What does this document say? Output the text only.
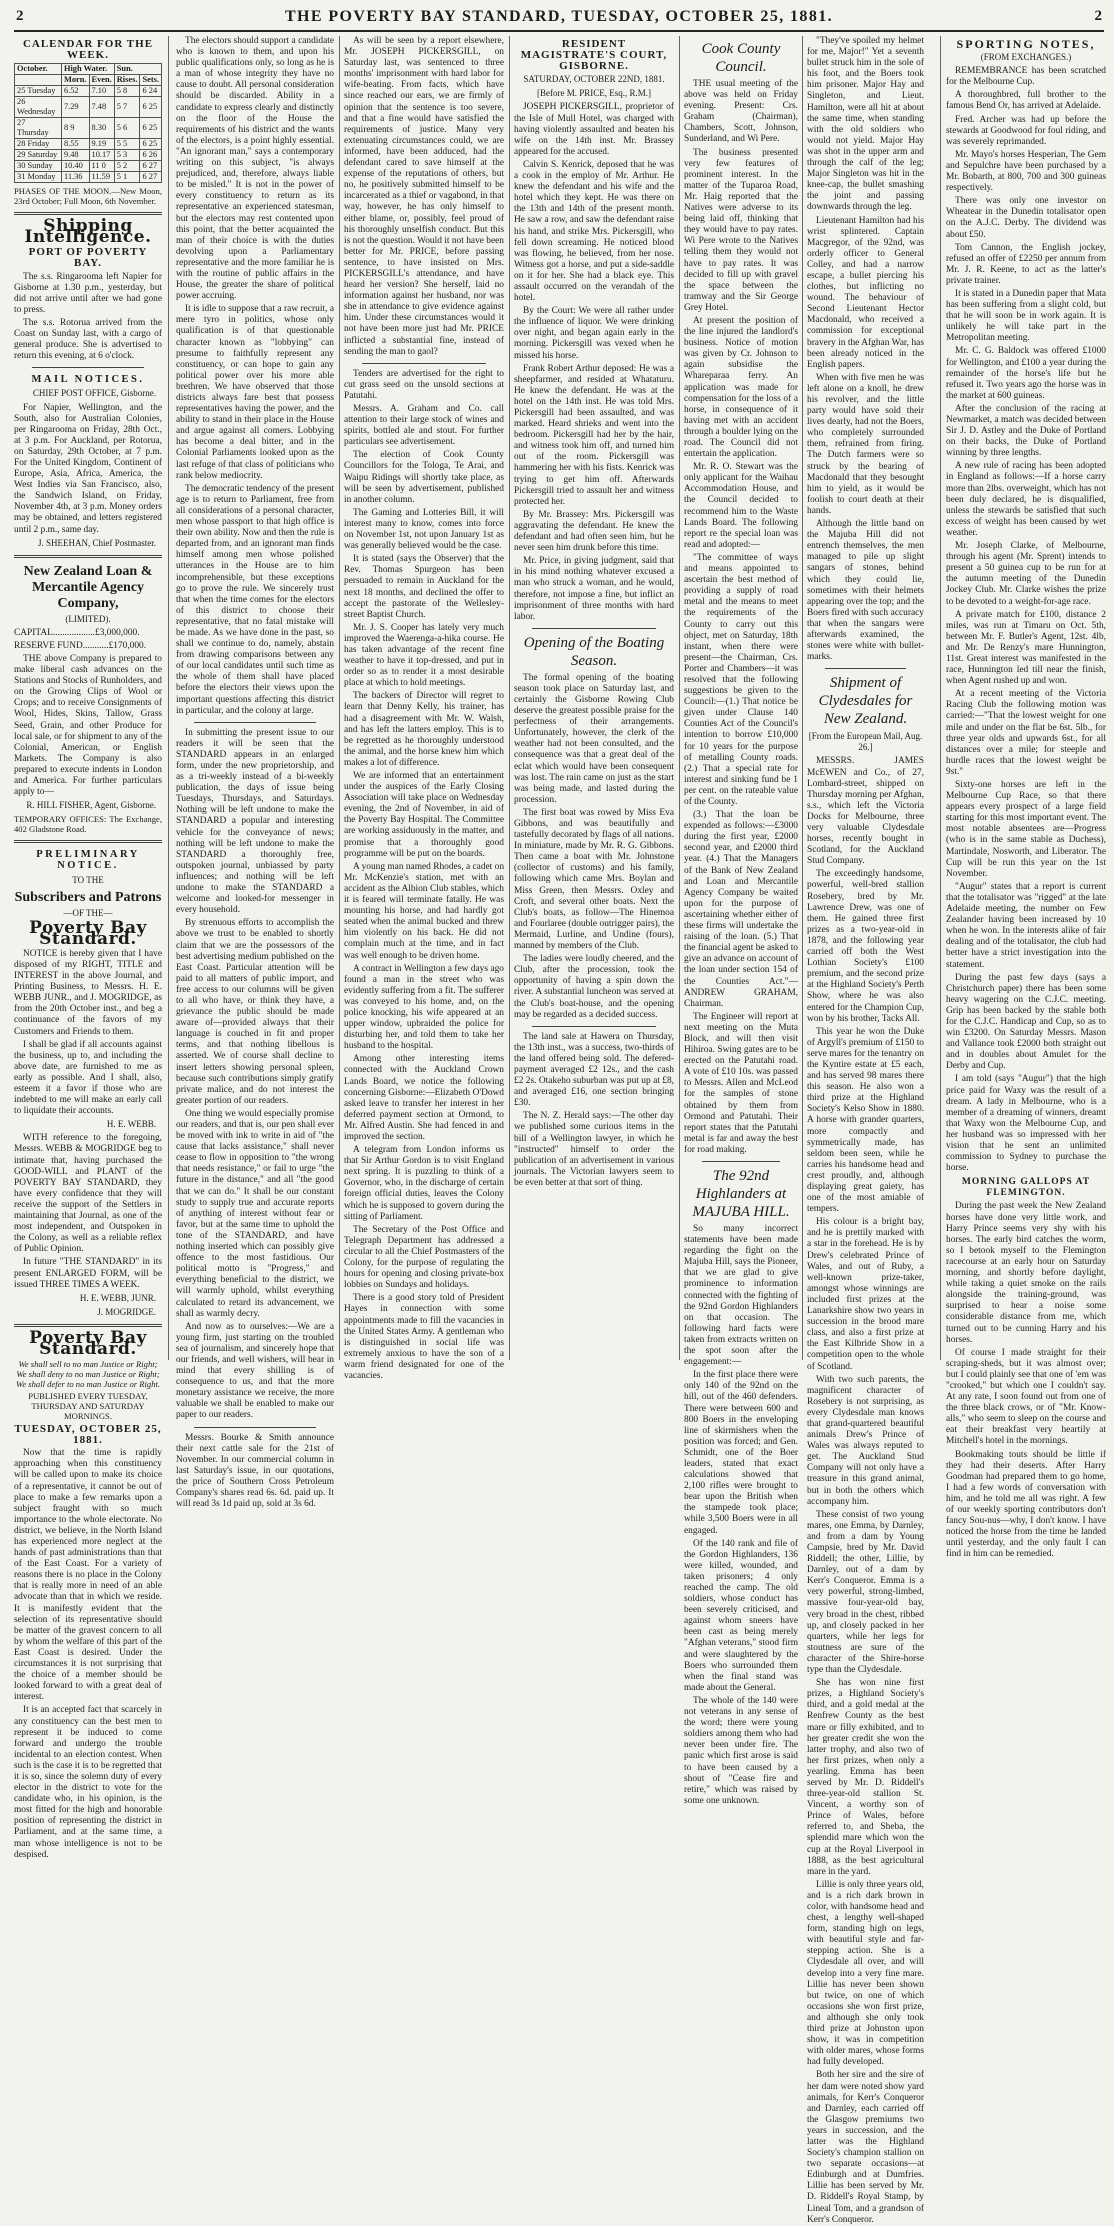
2	THE POVERTY BAY STANDARD, TUESDAY, OCTOBER 25, 1881.	2
CALENDAR FOR THE WEEK.
October.	High Water.		Sun.	
	Morn.	Even.	Rises.	Sets.
25 Tuesday	6.52	7.10	5 8	6 24
26 Wednesday	7.29	7.48	5 7	6 25
27 Thursday	8 9	8.30	5 6	6 25
28 Friday	8.55	9.19	5 5	6 25
29 Saturday	9.48	10.17	5 3	6 26
30 Sunday	10.40	11 0	5 2	6 27
31 Monday	11.36	11.59	5 1	6 27

PHASES OF THE MOON.—New Moon, 23rd October; Full Moon, 6th November.

Shipping Intelligence.
PORT OF POVERTY BAY.

The s.s. Ringarooma left Napier for Gisborne at 1.30 p.m., yesterday, but did not arrive until after we had gone to press.

The s.s. Rotorua arrived from the Coast on Sunday last, with a cargo of general produce. She is advertised to return this evening, at 6 o'clock.

MAIL NOTICES.
CHIEF POST OFFICE, Gisborne.

For Napier, Wellington, and the South, also for Australian Colonies, per Ringarooma on Friday, 28th Oct., at 3 p.m. For Auckland, per Rotorua, on Saturday, 29th October, at 7 p.m. For the United Kingdom, Continent of Europe, Asia, Africa, America, the West Indies via San Francisco, also, the Sandwich Island, on Friday, November 4th, at 3 p.m. Money orders may be obtained, and letters registered until 2 p.m., same day.

J. SHEEHAN, Chief Postmaster.
New Zealand Loan & Mercantile Agency Company,
(LIMITED).

CAPITAL..................£3,000,000.

RESERVE FUND...........£170,000.

THE above Company is prepared to make liberal cash advances on the Stations and Stocks of Runholders, and on the Growing Clips of Wool or Crops; and to receive Consignments of Wool, Hides, Skins, Tallow, Grass Seed, Grain, and other Produce for local sale, or for shipment to any of the Colonial, American, or English Markets. The Company is also prepared to execute indents in London and America. For further particulars apply to—

R. HILL FISHER, Agent, Gisborne.

TEMPORARY OFFICES: The Exchange, 402 Gladstone Road.

PRELIMINARY NOTICE.
TO THE
Subscribers and Patrons
—OF THE—
Poverty Bay Standard.

NOTICE is hereby given that I have disposed of my RIGHT, TITLE and INTEREST in the above Journal, and Printing Business, to Messrs. H. E. WEBB JUNR., and J. MOGRIDGE, as from the 20th October inst., and beg a continuance of the favors of my Customers and Friends to them.

I shall be glad if all accounts against the business, up to, and including the above date, are furnished to me as early as possible. And I shall, also, esteem it a favor if those who are indebted to me will make an early call to liquidate their accounts.

H. E. WEBB.

WITH reference to the foregoing, Messrs. WEBB & MOGRIDGE beg to intimate that, having purchased the GOOD-WILL and PLANT of the POVERTY BAY STANDARD, they have every confidence that they will receive the support of the Settlers in maintaining that Journal, as one of the most independent, and Outspoken in the Colony, as well as a reliable reflex of Public Opinion.

In future "THE STANDARD" in its present ENLARGED FORM, will be issued THREE TIMES A WEEK.

H. E. WEBB, JUNR.
J. MOGRIDGE.
Poverty Bay Standard.

We shall sell to no man Justice or Right; We shall deny to no man Justice or Right; We shall defer to no man Justice or Right.

PUBLISHED EVERY TUESDAY, THURSDAY AND SATURDAY MORNINGS.

TUESDAY, OCTOBER 25, 1881.

Now that the time is rapidly approaching when this constituency will be called upon to make its choice of a representative, it cannot be out of place to make a few remarks upon a subject fraught with so much importance to the whole electorate. No district, we believe, in the North Island has experienced more neglect at the hands of past administrations than that of the East Coast. For a variety of reasons there is no place in the Colony that is really more in need of an able advocate than that in which we reside. It is manifestly evident that the selection of its representative should be matter of the gravest concern to all by whom the welfare of this part of the East Coast is desired. Under the circumstances it is not surprising that the choice of a member should be looked forward to with a great deal of interest.

It is an accepted fact that scarcely in any constituency can the best men to represent it be induced to come forward and undergo the trouble incidental to an election contest. When such is the case it is to be regretted that it is so, since the solemn duty of every elector in the district to vote for the candidate who, in his opinion, is the most fitted for the high and honorable position of representing the district in Parliament, and at the same time, a man whose intelligence is not to be despised.

The electors should support a candidate who is known to them, and upon his public qualifications only, so long as he is a man of whose integrity they have no cause to doubt. All personal consideration should be discarded. Ability in a candidate to express clearly and distinctly on the floor of the House the requirements of his district and the wants of the electors, is a point highly essential. "An ignorant man," says a contemporary writing on this subject, "is always prejudiced, and, therefore, always liable to be misled." It is not in the power of every constituency to return as its representative an experienced statesman, but the electors may rest contented upon this point, that the better acquainted the man of their choice is with the duties devolving upon a Parliamentary representative and the more familiar he is with the routine of public affairs in the House, the greater the share of political power accruing.

It is idle to suppose that a raw recruit, a mere tyro in politics, whose only qualification is of that questionable character known as "lobbying" can presume to faithfully represent any constituency, or can hope to gain any political power over his more able brethren. We have observed that those districts always fare best that possess representatives having the power, and the ability to stand in their place in the House and argue against all comers. Lobbying has become a deal bitter, and in the Colonial Parliaments looked upon as the last refuge of that class of politicians who rank below mediocrity.

The democratic tendency of the present age is to return to Parliament, free from all considerations of a personal character, men whose passport to that high office is their own ability. Now and then the rule is departed from, and an ignorant man finds himself among men whose polished utterances in the House are to him incomprehensible, but these exceptions go to prove the rule. We sincerely trust that when the time comes for the electors of this district to choose their representative, that no fatal mistake will be made. As we have done in the past, so shall we continue to do, namely, abstain from drawing comparisons between any of our local candidates until such time as the whole of them shall have placed before the electors their views upon the important questions affecting this district in particular, and the colony at large.

In submitting the present issue to our readers it will be seen that the STANDARD appears in an enlarged form, under the new proprietorship, and as a tri-weekly instead of a bi-weekly publication, the days of issue being Tuesdays, Thursdays, and Saturdays. Nothing will be left undone to make the STANDARD a popular and interesting vehicle for the conveyance of news; nothing will be left undone to make the STANDARD a thoroughly free, outspoken journal, unbiassed by party influences; and nothing will be left undone to make the STANDARD a welcome and looked-for messenger in every household.

By strenuous efforts to accomplish the above we trust to be enabled to shortly claim that we are the possessors of the best advertising medium published on the East Coast. Particular attention will be paid to all matters of public import, and free access to our columns will be given to all who have, or think they have, a grievance the public should be made aware of—provided always that their language is couched in fit and proper terms, and that nothing libellous is asserted. We of course shall decline to insert letters showing personal spleen, because such contributions simply gratify private malice, and do not interest the greater portion of our readers.

One thing we would especially promise our readers, and that is, our pen shall ever be moved with ink to write in aid of "the cause that lacks assistance," shall never cease to flow in opposition to "the wrong that needs resistance," or fail to urge "the future in the distance," and all "the good that we can do." It shall be our constant study to supply true and accurate reports of anything of interest without fear or favor, but at the same time to uphold the tone of the STANDARD, and have nothing inserted which can possibly give offence to the most fastidious. Our political motto is "Progress," and everything beneficial to the district, we will warmly uphold, whilst everything calculated to retard its advancement, we shall as warmly decry.

And now as to ourselves:—We are a young firm, just starting on the troubled sea of journalism, and sincerely hope that our friends, and well wishers, will bear in mind that every shilling is of consequence to us, and that the more monetary assistance we receive, the more valuable we shall be enabled to make our paper to our readers.

Messrs. Bourke & Smith announce their next cattle sale for the 21st of November. In our commercial column in last Saturday's issue, in our quotations, the price of Southern Cross Petroleum Company's shares read 6s. 6d. paid up. It will read 3s 1d paid up, sold at 3s 6d.

As will be seen by a report elsewhere, Mr. JOSEPH PICKERSGILL, on Saturday last, was sentenced to three months' imprisonment with hard labor for wife-beating. From facts, which have since reached our ears, we are firmly of opinion that the sentence is too severe, and that a fine would have satisfied the requirements of justice. Many very extenuating circumstances could, we are informed, have been adduced, had the defendant cared to save himself at the expense of the reputations of others, but no, he positively submitted himself to be incarcerated as a thief or vagabond, in that way, however, he has only himself to either blame, or, possibly, feel proud of his thoroughly unselfish conduct. But this is not the question. Would it not have been better for Mr. PRICE, before passing sentence, to have insisted on Mrs. PICKERSGILL's attendance, and have heard her version? She herself, laid no information against her husband, nor was she in attendance to give evidence against him. Under these circumstances would it not have been more just had Mr. PRICE inflicted a substantial fine, instead of sending the man to gaol?

Tenders are advertised for the right to cut grass seed on the unsold sections at Patutahi.

Messrs. A. Graham and Co. call attention to their large stock of wines and spirits, bottled ale and stout. For further particulars see advertisement.

The election of Cook County Councillors for the Tologa, Te Arai, and Waipu Ridings will shortly take place, as will be seen by advertisement, published in another column.

The Gaming and Lotteries Bill, it will interest many to know, comes into force on November 1st, not upon January 1st as was generally believed would be the case.

It is stated (says the Observer) that the Rev. Thomas Spurgeon has been persuaded to remain in Auckland for the next 18 months, and declined the offer to accept the pastorate of the Wellesley-street Baptist Church.

Mr. J. S. Cooper has lately very much improved the Waerenga-a-hika course. He has taken advantage of the recent fine weather to have it top-dressed, and put in order so as to render it a most desirable place at which to hold meetings.

The backers of Director will regret to learn that Denny Kelly, his trainer, has had a disagreement with Mr. W. Walsh, and has left the latters employ. This is to be regretted as he thoroughly understood the animal, and the horse knew him which makes a lot of difference.

We are informed that an entertainment under the auspices of the Early Closing Association will take place on Wednesday evening, the 2nd of November, in aid of the Poverty Bay Hospital. The Committee are working assiduously in the matter, and promise that a thoroughly good programme will be put on the boards.

A young man named Rhodes, a cadet on Mr. McKenzie's station, met with an accident as the Albion Club stables, which it is feared will terminate fatally. He was mounting his horse, and had hardly got seated when the animal bucked and threw him violently on his back. He did not complain much at the time, and in fact was well enough to be driven home.

A contract in Wellington a few days ago found a man in the street who was evidently suffering from a fit. The sufferer was conveyed to his home, and, on the police knocking, his wife appeared at an upper window, upbraided the police for disturbing her, and told them to take her husband to the hospital.

Among other interesting items connected with the Auckland Crown Lands Board, we notice the following concerning Gisborne:—Elizabeth O'Dowd asked leave to transfer her interest in her deferred payment section at Ormond, to Mr. Alfred Austin. She had fenced in and improved the section.

A telegram from London informs us that Sir Arthur Gordon is to visit England next spring. It is puzzling to think of a Governor, who, in the discharge of certain foreign official duties, leaves the Colony which he is supposed to govern during the sitting of Parliament.

The Secretary of the Post Office and Telegraph Department has addressed a circular to all the Chief Postmasters of the Colony, for the purpose of regulating the hours for opening and closing private-box lobbies on Sundays and holidays.

There is a good story told of President Hayes in connection with some appointments made to fill the vacancies in the United States Army. A gentleman who is distinguished in social life was extremely anxious to have the son of a warm friend designated for one of the vacancies.

RESIDENT MAGISTRATE'S COURT, GISBORNE.
SATURDAY, OCTOBER 22ND, 1881.
[Before M. PRICE, Esq., R.M.]

JOSEPH PICKERSGILL, proprietor of the Isle of Mull Hotel, was charged with having violently assaulted and beaten his wife on the 14th inst. Mr. Brassey appeared for the accused.

Calvin S. Kenrick, deposed that he was a cook in the employ of Mr. Arthur. He knew the defendant and his wife and the hotel which they kept. He was there on the 13th and 14th of the present month. He saw a row, and saw the defendant raise his hand, and strike Mrs. Pickersgill, who fell down screaming. He noticed blood was flowing, he believed, from her nose. Witness got a horse, and put a side-saddle on it for her. She had a black eye. This assault occurred on the verandah of the hotel.

By the Court: We were all rather under the influence of liquor. We were drinking over night, and began again early in the morning. Pickersgill was vexed when he missed his horse.

Frank Robert Arthur deposed: He was a sheepfarmer, and resided at Whataturu. He knew the defendant. He was at the hotel on the 14th inst. He was told Mrs. Pickersgill had been assaulted, and was marked. Heard shrieks and went into the bedroom. Pickersgill had her by the hair, and witness took him off, and turned him out of the room. Pickersgill was hammering her with his fists. Kenrick was trying to get him off. Afterwards Pickersgill tried to assault her and witness protected her.

By Mr. Brassey: Mrs. Pickersgill was aggravating the defendant. He knew the defendant and had often seen him, but he never seen him drunk before this time.

Mr. Price, in giving judgment, said that in his mind nothing whatever excused a man who struck a woman, and he would, therefore, not impose a fine, but inflict an imprisonment of three months with hard labor.

Opening of the Boating Season.

The formal opening of the boating season took place on Saturday last, and certainly the Gisborne Rowing Club deserve the greatest possible praise for the perfectness of their arrangements. Unfortunately, however, the clerk of the weather had not been consulted, and the consequence was that a great deal of the eclat which would have been consequent was lost. The rain came on just as the start was being made, and lasted during the procession.

The first boat was rowed by Miss Eva Gibbons, and was beautifully and tastefully decorated by flags of all nations. In miniature, made by Mr. R. G. Gibbons. Then came a boat with Mr. Johnstone (collector of customs) and his family, following which came Mrs. Boylan and Miss Green, then Messrs. Oxley and Croft, and several other boats. Next the Club's boats, as follow—The Hinemoa and Fourlaree (double outrigger pairs), the Mermaid, Lurline, and Undine (fours), manned by members of the Club.

The ladies were loudly cheered, and the Club, after the procession, took the opportunity of having a spin down the river. A substantial luncheon was served at the Club's boat-house, and the opening may be regarded as a decided success.

The land sale at Hawera on Thursday, the 13th inst., was a success, two-thirds of the land offered being sold. The defered-payment averaged £2 12s., and the cash £2 2s. Otakeho suburban was put up at £8, and averaged £16, one section bringing £30.

The N. Z. Herald says:—The other day we published some curious items in the bill of a Wellington lawyer, in which he "instructed" himself to order the publication of an advertisement in various journals. The Victorian lawyers seem to be even better at that sort of thing.

Cook County Council.

THE usual meeting of the above was held on Friday evening. Present: Crs. Graham (Chairman), Chambers, Scott, Johnson, Sunderland, and Wi Pere.

The business presented very few features of prominent interest. In the matter of the Tuparoa Road, Mr. Haig reported that the Natives were adverse to its being laid off, thinking that they would have to pay rates. Wi Pere wrote to the Natives telling them they would not have to pay rates. It was decided to fill up with gravel the space between the tramway and the Sir George Grey Hotel.

At present the position of the line injured the landlord's business. Notice of motion was given by Cr. Johnson to again subsidise the Whareparaa ferry. An application was made for compensation for the loss of a horse, in consequence of it having met with an accident through a boulder lying on the road. The Council did not entertain the application.

Mr. R. O. Stewart was the only applicant for the Waihau Accommodation House, and the Council decided to recommend him to the Waste Lands Board. The following report re the special loan was read and adopted:—

"The committee of ways and means appointed to ascertain the best method of providing a supply of road metal and the means to meet the requirements of the County to carry out this object, met on Saturday, 18th instant, when there were present—the Chairman, Crs. Porter and Chambers—it was resolved that the following suggestions be given to the Council:—(1.) That notice be given under Clause 140 Counties Act of the Council's intention to borrow £10,000 for 10 years for the purpose of metalling County roads. (2.) That a special rate for interest and sinking fund be 1 per cent. on the rateable value of the County.

(3.) That the loan be expended as follows:—£3000 during the first year, £2000 second year, and £2000 third year. (4.) That the Managers of the Bank of New Zealand and Loan and Mercantile Agency Company be waited upon for the purpose of ascertaining whether either of these firms will undertake the raising of the loan. (5.) That the financial agent be asked to give an advance on account of the loan under section 154 of the Counties Act."—ANDREW GRAHAM, Chairman.

The Engineer will report at next meeting on the Muta Block, and will then visit Hihiroa. Swing gates are to be erected on the Patutahi road. A vote of £10 10s. was passed to Messrs. Allen and McLeod for the samples of stone obtained by them from Ormond and Patutahi. Their report states that the Patutahi metal is far and away the best for road making.

The 92nd Highlanders at MAJUBA HILL.

So many incorrect statements have been made regarding the fight on the Majuba Hill, says the Pioneer, that we are glad to give prominence to information connected with the fighting of the 92nd Gordon Highlanders on that occasion. The following hard facts were taken from extracts written on the spot soon after the engagement:—

In the first place there were only 140 of the 92nd on the hill, out of the 460 defenders. There were between 600 and 800 Boers in the enveloping line of skirmishers when the position was forced; and Gen. Schmidt, one of the Boer leaders, stated that exact calculations showed that 2,100 rifles were brought to bear upon the British when the stampede took place; while 3,500 Boers were in all engaged.

Of the 140 rank and file of the Gordon Highlanders, 136 were killed, wounded, and taken prisoners; 4 only reached the camp. The old soldiers, whose conduct has been severely criticised, and against whom sneers have been cast as being merely "Afghan veterans," stood firm and were slaughtered by the Boers who surrounded them when the final stand was made about the General.

The whole of the 140 were not veterans in any sense of the word; there were young soldiers among them who had never been under fire. The panic which first arose is said to have been caused by a shout of "Cease fire and retire," which was raised by some one unknown.

"They've spoiled my helmet for me, Major!" Yet a seventh bullet struck him in the sole of his foot, and the Boers took him prisoner. Major Hay and Singleton, and Lieut. Hamilton, were all hit at about the same time, when standing with the old soldiers who would not yield. Major Hay was shot in the upper arm and through the calf of the leg; Major Singleton was hit in the knee-cap, the bullet smashing the joint and passing downwards through the leg.

Lieutenant Hamilton had his wrist splintered. Captain Macgregor, of the 92nd, was orderly officer to General Colley, and had a narrow escape, a bullet piercing his clothes, but inflicting no wound. The behaviour of Second Lieutenant Hector Macdonald, who received a commission for exceptional bravery in the Afghan War, has been already noticed in the English papers.

When with five men he was left alone on a knoll, he drew his revolver, and the little party would have sold their lives dearly, had not the Boers, who completely surrounded them, refrained from firing. The Dutch farmers were so struck by the bearing of Macdonald that they besought him to yield, as it would be foolish to court death at their hands.

Although the little band on the Majuba Hill did not entrench themselves, the men managed to pile up slight sangars of stones, behind which they could lie, sometimes with their helmets appearing over the top; and the Boers fired with such accuracy that when the sangars were afterwards examined, the stones were white with bullet-marks.

Shipment of Clydesdales for New Zealand.
[From the European Mail, Aug. 26.]

MESSRS. JAMES McEWEN and Co., of 27, Lombard-street, shipped on Thursday morning per Afghan, s.s., which left the Victoria Docks for Melbourne, three very valuable Clydesdale horses, recently bought in Scotland, for the Auckland Stud Company.

The exceedingly handsome, powerful, well-bred stallion Rosebery, bred by Mr. Lawrence Drew, was one of them. He gained three first prizes as a two-year-old in 1878, and the following year carried off both the West Lothian Society's £100 premium, and the second prize at the Highland Society's Perth Show, where he was also entered for the Champion Cup, won by his brother, Tacks All.

This year he won the Duke of Argyll's premium of £150 to serve mares for the tenantry on the Kyntire estate at £5 each, and has served 98 mares there this season. He also won a third prize at the Highland Society's Kelso Show in 1880. A horse with grander quarters, more compactly and symmetrically made, has seldom been seen, while he carries his handsome head and crest proudly, and, although displaying great gaiety, has one of the most amiable of tempers.

His colour is a bright bay, and he is prettily marked with a star in the forehead. He is by Drew's celebrated Prince of Wales, and out of Ruby, a well-known prize-taker, amongst whose winnings are included first prizes at the Lanarkshire show two years in succession in the brood mare class, and also a first prize at the East Kilbride Show in a competition open to the whole of Scotland.

With two such parents, the magnificent character of Rosebery is not surprising, as every Clydesdale man knows that grand-quartered beautiful animals Drew's Prince of Wales was always reputed to get. The Auckland Stud Company will not only have a treasure in this grand animal, but in both the others which accompany him.

These consist of two young mares, one Emma, by Darnley, and from a dam by Young Campsie, bred by Mr. David Riddell; the other, Lillie, by Darnley, out of a dam by Kerr's Conqueror. Emma is a very powerful, strong-limbed, massive four-year-old bay, very broad in the chest, ribbed up, and closely packed in her quarters, while her legs for stoutness are sure of the character of the Shire-horse type than the Clydesdale.

She has won nine first prizes, a Highland Society's third, and a gold medal at the Renfrew County as the best mare or filly exhibited, and to her greater credit she won the latter trophy, and also two of her first prizes, when only a yearling. Emma has been served by Mr. D. Riddell's three-year-old stallion St. Vincent, a worthy son of Prince of Wales, before referred to, and Sheba, the splendid mare which won the cup at the Royal Liverpool in 1888, as the best agricultural mare in the yard.

Lillie is only three years old, and is a rich dark brown in color, with handsome head and chest, a lengthy well-shaped form, standing high on legs, with beautiful style and far-stepping action. She is a Clydesdale all over, and will develop into a very fine mare. Lillie has never been shown but twice, on one of which occasions she won first prize, and although she only took third prize at Johnston upon show, it was in competition with older mares, whose forms had fully developed.

Both her sire and the sire of her dam were noted show yard animals, for Kerr's Conqueror and Darnley, each carried off the Glasgow premiums two years in succession, and the latter was the Highland Society's champion stallion on two separate occasions—at Edinburgh and at Dumfries. Lillie has been served by Mr. D. Riddell's Royal Stamp, by Lineal Tom, and a grandson of Kerr's Conqueror.

SPORTING NOTES,
(FROM EXCHANGES.)

REMEMBRANCE has been scratched for the Melbourne Cup.

A thoroughbred, full brother to the famous Bend Or, has arrived at Adelaide.

Fred. Archer was had up before the stewards at Goodwood for foul riding, and was severely reprimanded.

Mr. Mayo's horses Hesperian, The Gem and Sepulchre have been purchased by a Mr. Bobarth, at 800, 700 and 300 guineas respectively.

There was only one investor on Wheatear in the Dunedin totalisator open on the A.J.C. Derby. The dividend was about £50.

Tom Cannon, the English jockey, refused an offer of £2250 per annum from Mr. J. R. Keene, to act as the latter's private trainer.

It is stated in a Dunedin paper that Mata has been suffering from a slight cold, but that he will soon be in work again. It is unlikely he will take part in the Metropolitan meeting.

Mr. C. G. Baldock was offered £1000 for Wellington, and £100 a year during the remainder of the horse's life but he refused it. Two years ago the horse was in the market at 600 guineas.

After the conclusion of the racing at Newmarket, a match was decided between Sir J. D. Astley and the Duke of Portland on their backs, the Duke of Portland winning by three lengths.

A new rule of racing has been adopted in England as follows:—If a horse carry more than 2lbs. overweight, which has not been duly declared, he is disqualified, unless the stewards be satisfied that such excess of weight has been caused by wet weather.

Mr. Joseph Clarke, of Melbourne, through his agent (Mr. Sprent) intends to present a 50 guinea cup to be run for at the autumn meeting of the Dunedin Jockey Club. Mr. Clarke wishes the prize to be devoted to a weight-for-age race.

A private match for £100, distance 2 miles, was run at Timaru on Oct. 5th, between Mr. F. Butler's Agent, 12st. 4lb, and Mr. De Renzy's mare Hunnington, 11st. Great interest was manifested in the race, Hunnington led till near the finish, when Agent rushed up and won.

At a recent meeting of the Victoria Racing Club the following motion was carried:—"That the lowest weight for one mile and under on the flat be 6st. 5lb., for three year olds and upwards 6st., for all distances over a mile; for steeple and hurdle races that the lowest weight be 9st."

Sixty-one horses are left in the Melbourne Cup Race, so that there appears every prospect of a large field starting for this most important event. The most notable absentees are—Progress (who is in the same stable as Duchess), Martindale, Nosworth, and Liberator. The Cup will be run this year on the 1st November.

"Augur" states that a report is current that the totalisator was "rigged" at the late Adelaide meeting, the number on Few Zealander having been increased by 10 when he won. In the interests alike of fair dealing and of the totalisator, the club had better have a strict investigation into the statement.

During the past few days (says a Christchurch paper) there has been some heavy wagering on the C.J.C. meeting. Grip has been backed by the stable both for the C.J.C. Handicap and Cup, so as to win £3200. On Saturday Messrs. Mason and Vallance took £2000 both straight out and in doubles about Amulet for the Derby and Cup.

I am told (says "Augur") that the high price paid for Waxy was the result of a dream. A lady in Melbourne, who is a member of a dreaming of winners, dreamt that Waxy won the Melbourne Cup, and her husband was so impressed with her vision that he sent an unlimited commission to Sydney to purchase the horse.

MORNING GALLOPS AT FLEMINGTON.

During the past week the New Zealand horses have done very little work, and Harry Prince seems very shy with his horses. The early bird catches the worm, so I betook myself to the Flemington racecourse at an early hour on Saturday morning, and shortly before daylight, while taking a quiet smoke on the rails alongside the training-ground, was surprised to hear a noise some considerable distance from me, which turned out to be cunning Harry and his horses.

Of course I made straight for their scraping-sheds, but it was almost over; but I could plainly see that one of 'em was "crooked," but which one I couldn't say. At any rate, I soon found out from one of the three black crows, or of "Mr. Know-alls," who seem to sleep on the course and eat their breakfast very heartily at Mitchell's hotel in the mornings.

Bookmaking touts should be little if they had their deserts. After Harry Goodman had prepared them to go home, I had a few words of conversation with him, and he told me all was right. A few of our weekly sporting contributors don't fancy Sou-nus—why, I don't know. I have noticed the horse from the time he landed until yesterday, and the only fault I can find in him can be remedied.
